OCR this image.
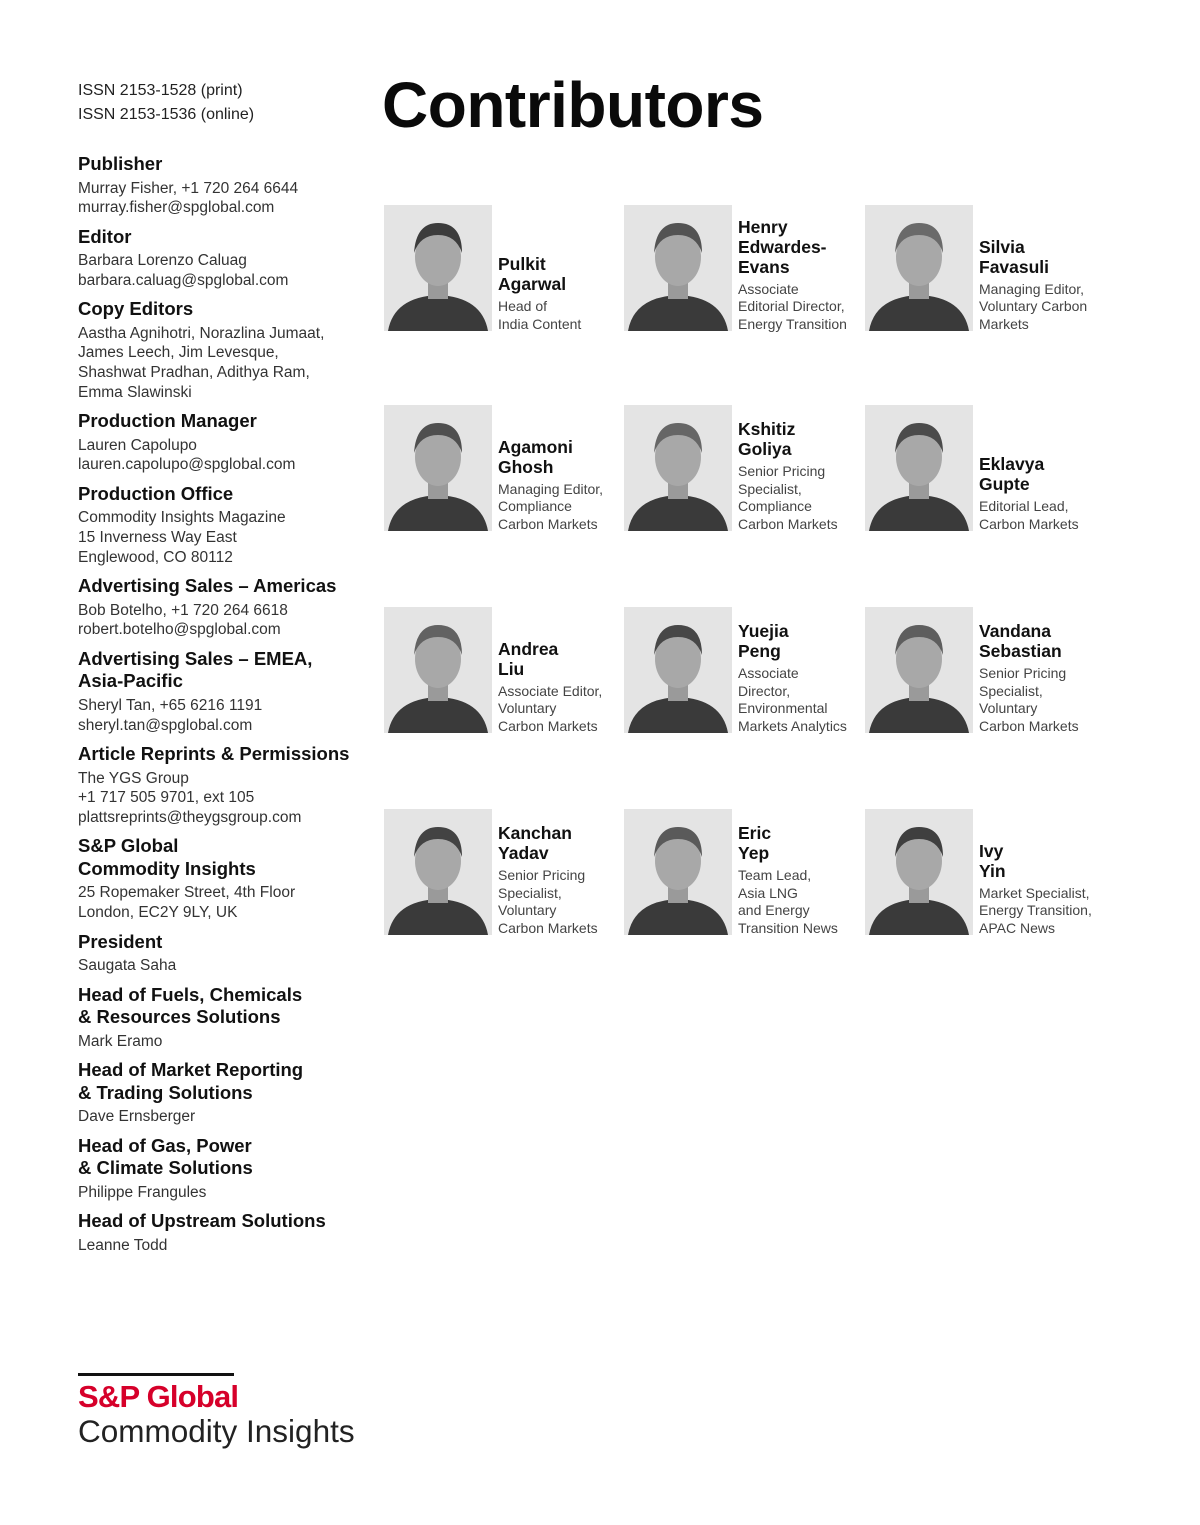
ISSN 2153-1528 (print)
ISSN 2153-1536 (online) Contributors
Publisher
Murray Fisher, +1 720 264 6644
murray.fisher@spglobal.com
Editor
Barbara Lorenzo Caluag
barbara.caluag@spglobal.com
Copy Editors
Aastha Agnihotri, Norazlina Jumaat,
James Leech, Jim Levesque,
Shashwat Pradhan, Adithya Ram,
Emma Slawinski
Production Manager
Lauren Capolupo
lauren.capolupo@spglobal.com
Production Office
Commodity Insights Magazine
15 Inverness Way East
Englewood, CO 80112
Advertising Sales – Americas
Bob Botelho, +1 720 264 6618
robert.botelho@spglobal.com
Advertising Sales – EMEA,
Asia-Pacific
Sheryl Tan, +65 6216 1191
sheryl.tan@spglobal.com
Article Reprints & Permissions
The YGS Group
+1 717 505 9701, ext 105
plattsreprints@theygsgroup.com
S&P Global
Commodity Insights
25 Ropemaker Street, 4th Floor
London, EC2Y 9LY, UK
President
Saugata Saha
Head of Fuels, Chemicals
& Resources Solutions
Mark Eramo
Head of Market Reporting
& Trading Solutions
Dave Ernsberger
Head of Gas, Power
& Climate Solutions
Philippe Frangules
Head of Upstream Solutions
Leanne Todd
Pulkit
Agarwal
Head of
India Content
Henry
Edwardes-
Evans
Associate
Editorial Director,
Energy Transition
Silvia
Favasuli
Managing Editor,
Voluntary Carbon
Markets
Agamoni
Ghosh
Managing Editor,
Compliance
Carbon Markets
Kshitiz
Goliya
Senior Pricing
Specialist,
Compliance
Carbon Markets
Eklavya
Gupte
Editorial Lead,
Carbon Markets
Andrea
Liu
Associate Editor,
Voluntary
Carbon Markets
Yuejia
Peng
Associate
Director,
Environmental
Markets Analytics
Vandana
Sebastian
Senior Pricing
Specialist,
Voluntary
Carbon Markets
Kanchan
Yadav
Senior Pricing
Specialist,
Voluntary
Carbon Markets
Eric
Yep
Team Lead,
Asia LNG
and Energy
Transition News
Ivy
Yin
Market Specialist,
Energy Transition,
APAC News
S&P Global
Commodity Insights
